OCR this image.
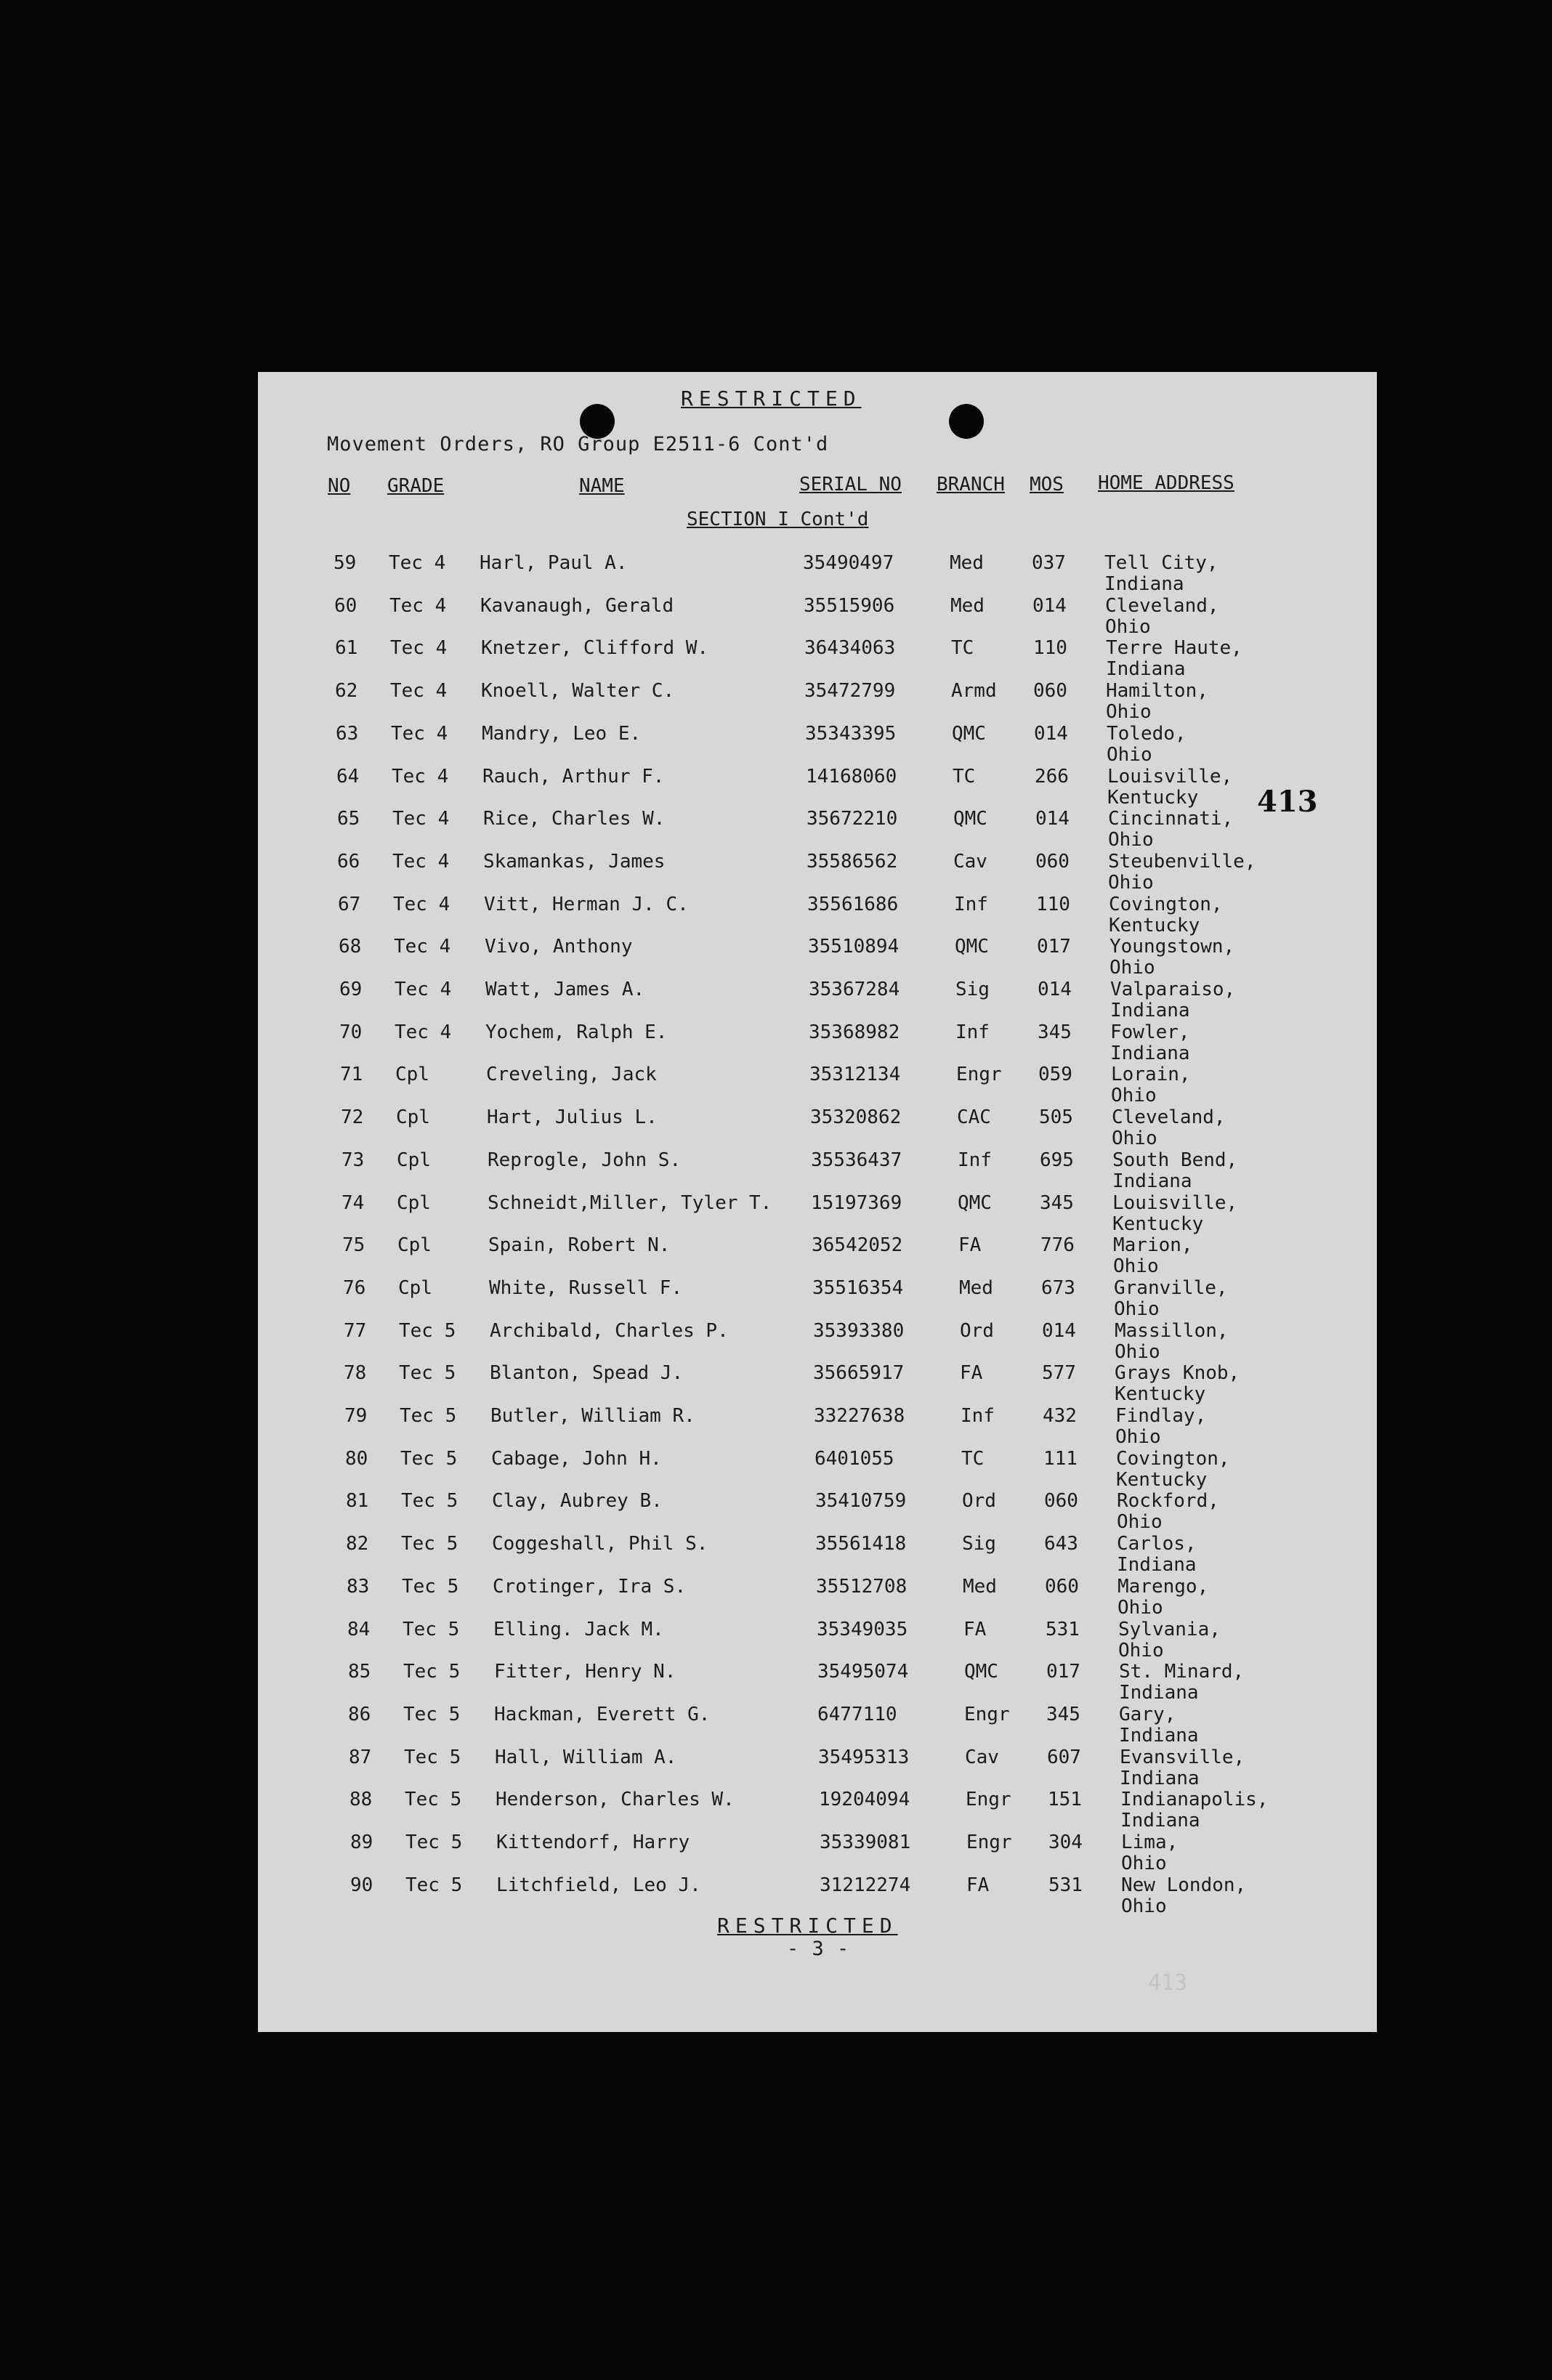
RESTRICTED
Movement Orders, RO Group E2511-6 Cont'd
NO GRADE	NAME	SERIAL NO BRANCH MOS HOME ADDRESS
SECTION I Cont'd
59 Tec 4 Harl, Paul A.	35490497	Med	037 Tell City,
Indiana
60 Tec 4 Kavanaugh, Gerald	35515906	Med	014 Cleveland,
Ohio
61 Tec 4 Knetzer, Clifford W.	36434063	TC	110 Terre Haute,
Indiana
62 Tec 4 Knoell, Walter C.	35472799	Armd 060 Hamilton,
Ohio
63 Tec 4 Mandry, Leo E.	35343395	QMC	014 Toledo,
Ohio
64 Tec 4 Rauch, Arthur F.	14168060	TC	266 Louisville,
Kentucky
65 Tec 4 Rice, Charles W.	35672210	QMC	014 Cincinnati,
Ohio
66 Tec 4 Skamankas, James	35586562	Cav	060 Steubenville,
Ohio
67 Tec 4 Vitt, Herman J. C.	35561686	Inf	110 Covington,
Kentucky
68 Tec 4 Vivo, Anthony	35510894	QMC	017 Youngstown,
Ohio
69 Tec 4 Watt, James A.	35367284	Sig	014 Valparaiso,
Indiana
70 Tec 4 Yochem, Ralph E.	35368982	Inf	345 Fowler,
Indiana
71 Cpl	Creveling, Jack	35312134	Engr 059 Lorain,
Ohio
72 Cpl	Hart, Julius L.	35320862	CAC	505 Cleveland,
Ohio
73 Cpl	Reprogle, John S.	35536437	Inf	695 South Bend,
Indiana
74 Cpl	Schneidt,Miller, Tyler T. 15197369	QMC	345 Louisville,
Kentucky
75 Cpl	Spain, Robert N.	36542052	FA	776 Marion,
Ohio
76 Cpl	White, Russell F.	35516354	Med	673 Granville,
Ohio
77 Tec 5 Archibald, Charles P.	35393380	Ord	014 Massillon,
Ohio
78 Tec 5 Blanton, Spead J.	35665917	FA	577 Grays Knob,
Kentucky
79 Tec 5 Butler, William R.	33227638	Inf	432 Findlay,
Ohio
80 Tec 5 Cabage, John H.	6401055	TC	111 Covington,
Kentucky
81 Tec 5 Clay, Aubrey B.	35410759	Ord	060 Rockford,
Ohio
82 Tec 5 Coggeshall, Phil S.	35561418	Sig	643 Carlos,
Indiana
83 Tec 5 Crotinger, Ira S.	35512708	Med	060 Marengo,
Ohio
84 Tec 5 Elling. Jack M.	35349035	FA	531 Sylvania,
Ohio
85 Tec 5 Fitter, Henry N.	35495074	QMC	017 St. Minard,
Indiana
86 Tec 5 Hackman, Everett G.	6477110	Engr 345 Gary,
Indiana
87 Tec 5 Hall, William A.	35495313	Cav	607 Evansville,
Indiana
88 Tec 5 Henderson, Charles W.	19204094	Engr 151 Indianapolis,
Indiana
89 Tec 5 Kittendorf, Harry	35339081	Engr 304 Lima,
Ohio
90 Tec 5 Litchfield, Leo J.	31212274	FA	531 New London,
Ohio
413
RESTRICTED
- 3 -
413
